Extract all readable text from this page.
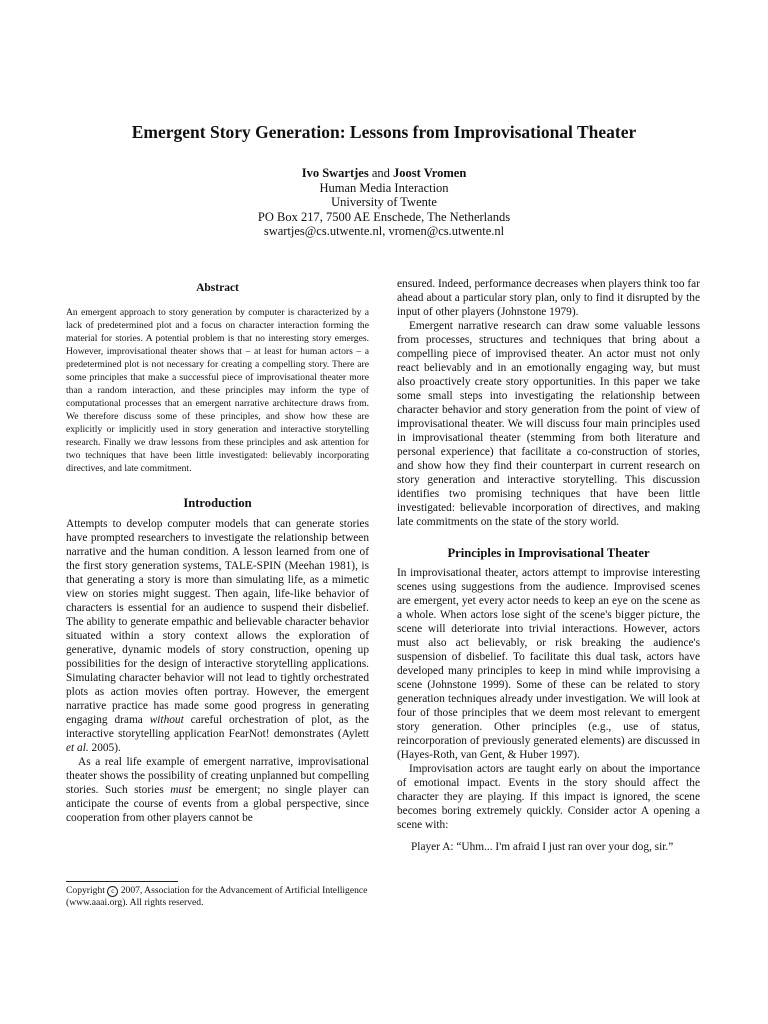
Emergent Story Generation: Lessons from Improvisational Theater
Ivo Swartjes and Joost Vromen
Human Media Interaction
University of Twente
PO Box 217, 7500 AE Enschede, The Netherlands
swartjes@cs.utwente.nl, vromen@cs.utwente.nl
Abstract

An emergent approach to story generation by computer is characterized by a lack of predetermined plot and a focus on character interaction forming the material for stories. A potential problem is that no interesting story emerges. However, improvisational theater shows that – at least for human actors – a predetermined plot is not necessary for creating a compelling story. There are some principles that make a successful piece of improvisational theater more than a random interaction, and these principles may inform the type of computational processes that an emergent narrative architecture draws from. We therefore discuss some of these principles, and show how these are explicitly or implicitly used in story generation and interactive storytelling research. Finally we draw lessons from these principles and ask attention for two techniques that have been little investigated: believably incorporating directives, and late commitment.

Introduction

Attempts to develop computer models that can generate stories have prompted researchers to investigate the relationship between narrative and the human condition. A lesson learned from one of the first story generation systems, TALE-SPIN (Meehan 1981), is that generating a story is more than simulating life, as a mimetic view on stories might suggest. Then again, life-like behavior of characters is essential for an audience to suspend their disbelief. The ability to generate empathic and believable character behavior situated within a story context allows the exploration of generative, dynamic models of story construction, opening up possibilities for the design of interactive storytelling applications. Simulating character behavior will not lead to tightly orchestrated plots as action movies often portray. However, the emergent narrative practice has made some good progress in generating engaging drama without careful orchestration of plot, as the interactive storytelling application FearNot! demonstrates (Aylett et al. 2005).

As a real life example of emergent narrative, improvisational theater shows the possibility of creating unplanned but compelling stories. Such stories must be emergent; no single player can anticipate the course of events from a global perspective, since cooperation from other players cannot be

Copyright c 2007, Association for the Advancement of Artificial Intelligence (www.aaai.org). All rights reserved.

ensured. Indeed, performance decreases when players think too far ahead about a particular story plan, only to find it disrupted by the input of other players (Johnstone 1979).

Emergent narrative research can draw some valuable lessons from processes, structures and techniques that bring about a compelling piece of improvised theater. An actor must not only react believably and in an emotionally engaging way, but must also proactively create story opportunities. In this paper we take some small steps into investigating the relationship between character behavior and story generation from the point of view of improvisational theater. We will discuss four main principles used in improvisational theater (stemming from both literature and personal experience) that facilitate a co-construction of stories, and show how they find their counterpart in current research on story generation and interactive storytelling. This discussion identifies two promising techniques that have been little investigated: believable incorporation of directives, and making late commitments on the state of the story world.

Principles in Improvisational Theater

In improvisational theater, actors attempt to improvise interesting scenes using suggestions from the audience. Improvised scenes are emergent, yet every actor needs to keep an eye on the scene as a whole. When actors lose sight of the scene's bigger picture, the scene will deteriorate into trivial interactions. However, actors must also act believably, or risk breaking the audience's suspension of disbelief. To facilitate this dual task, actors have developed many principles to keep in mind while improvising a scene (Johnstone 1999). Some of these can be related to story generation techniques already under investigation. We will look at four of those principles that we deem most relevant to emergent story generation. Other principles (e.g., use of status, reincorporation of previously generated elements) are discussed in (Hayes-Roth, van Gent, & Huber 1997).

Improvisation actors are taught early on about the importance of emotional impact. Events in the story should affect the character they are playing. If this impact is ignored, the scene becomes boring extremely quickly. Consider actor A opening a scene with:

Player A: “Uhm... I'm afraid I just ran over your dog, sir.”
